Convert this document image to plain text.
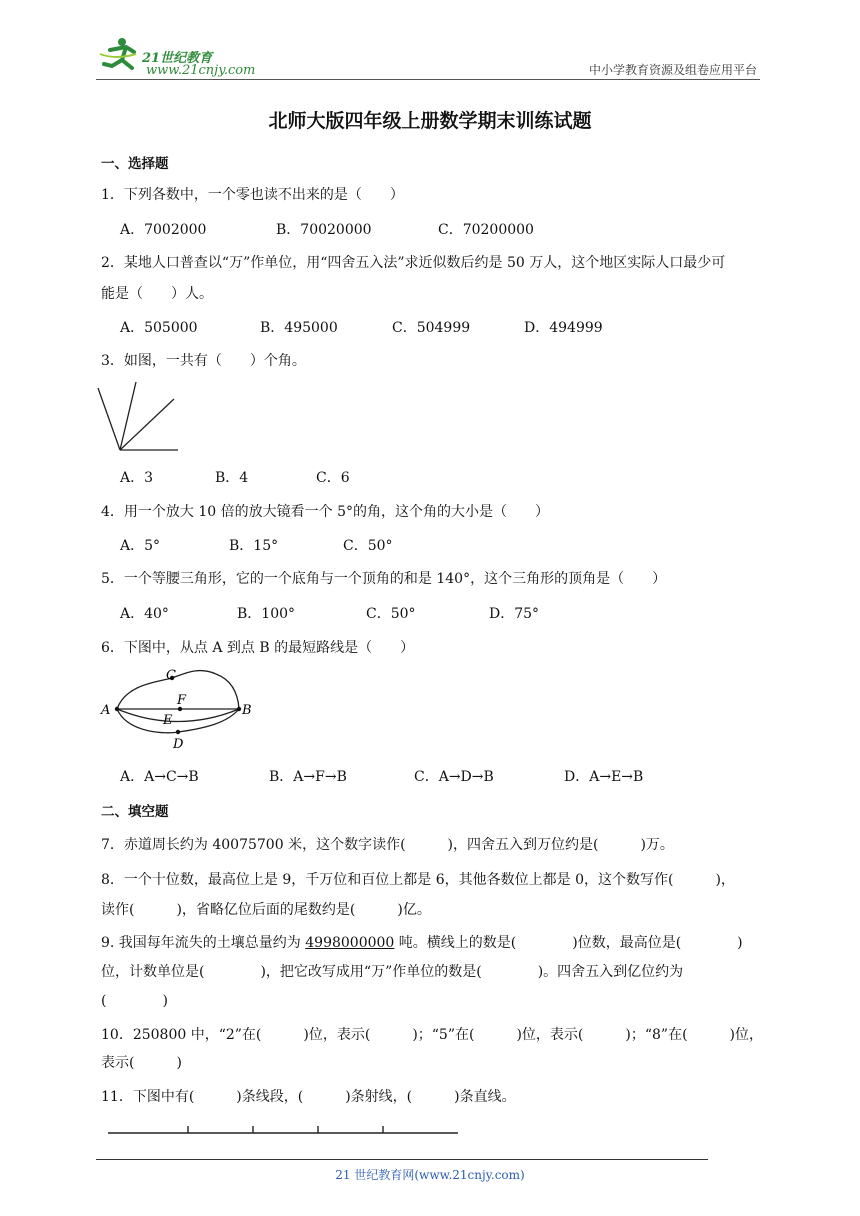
21世纪教育
www.21cnjy.com	中小学教育资源及组卷应用平台
北师大版四年级上册数学期末训练试题
一、选择题
1．下列各数中，一个零也读不出来的是（　　）
A．7002000	B．70020000	C．70200000
2．某地人口普查以“万”作单位，用“四舍五入法”求近似数后约是 50 万人，这个地区实际人口最少可
能是（　　）人。
A．505000	B．495000	C．504999	D．494999
3．如图，一共有（　　）个角。
A．3	B．4	C．6
4．用一个放大 10 倍的放大镜看一个 5°的角，这个角的大小是（　　）
A．5°	B．15°	C．50°
5．一个等腰三角形，它的一个底角与一个顶角的和是 140°，这个三角形的顶角是（　　）
A．40°	B．100°	C．50°	D．75°
6．下图中，从点 A 到点 B 的最短路线是（　　）
A	B
C
F
E
D
A．A→C→B	B．A→F→B	C．A→D→B	D．A→E→B
二、填空题
7．赤道周长约为 40075700 米，这个数字读作(　　　)，四舍五入到万位约是(　　　)万。
8．一个十位数，最高位上是 9，千万位和百位上都是 6，其他各数位上都是 0，这个数写作(　　　)，
读作(　　　)，省略亿位后面的尾数约是(　　　)亿。
9. 我国每年流失的土壤总量约为 4998000000 吨。横线上的数是(　　　　)位数，最高位是(　　　　)
位，计数单位是(　　　　)，把它改写成用“万”作单位的数是(　　　　)。四舍五入到亿位约为
(　　　　)
10．250800 中，“2”在(　　　)位，表示(　　　)；“5”在(　　　)位，表示(　　　)；“8”在(　　　)位，
表示(　　　)
11．下图中有(　　　)条线段，(　　　)条射线，(　　　)条直线。
21 世纪教育网(www.21cnjy.com)
